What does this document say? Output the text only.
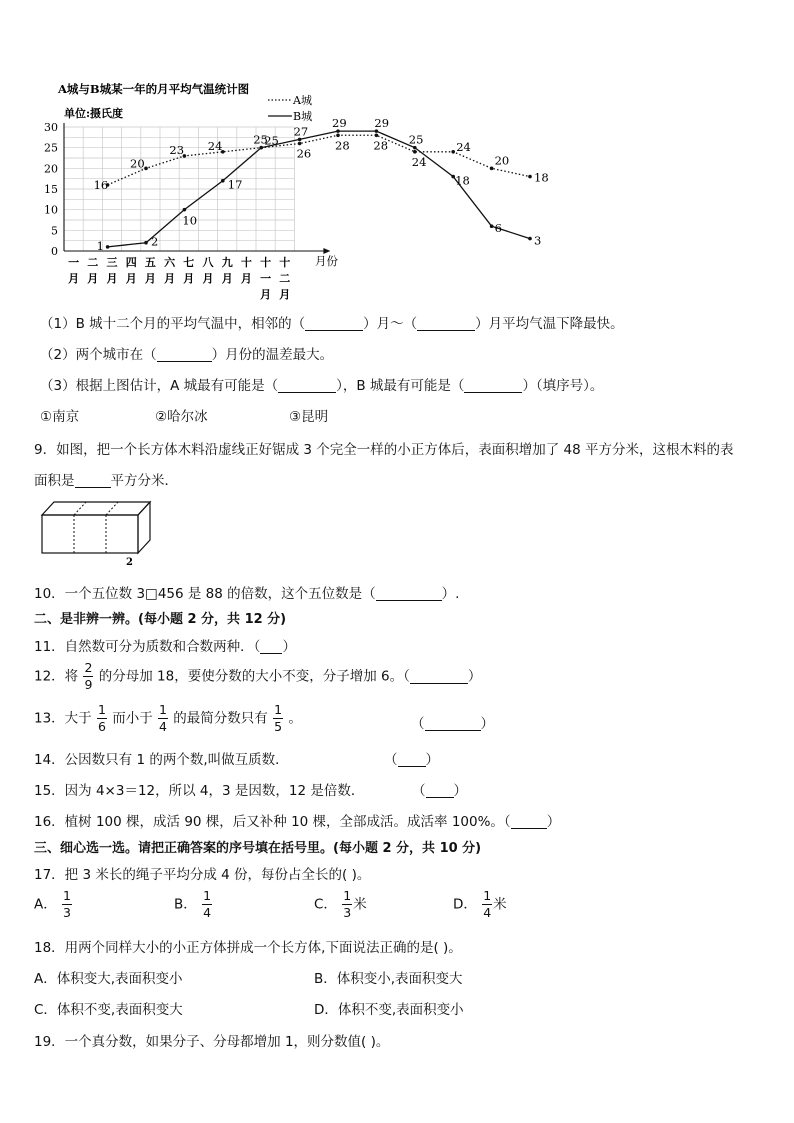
A城与B城某一年的月平均气温统计图
单位:摄氏度
0
5
10
15
20
25
30
一月
二月
三月
四月
五月
六月
七月
八月
九月
十月
十一月
十二月
16
20
23 24	25
26
28 28
24
24
20
18
1	2
10
17
25
27
29 29
25
18
6
3
A城
B城
月份
（1）B 城十二个月的平均气温中，相邻的（	）月～（	）月平均气温下降最快。
（2）两个城市在（	）月份的温差最大。
（3）根据上图估计，A 城最有可能是（	），B 城最有可能是（	）（填序号）。
①南京	②哈尔冰	③昆明
9．如图，把一个长方体木料沿虚线正好锯成 3 个完全一样的小正方体后，表面积增加了 48 平方分米，这根木料的表
面积是	平方分米．
2
10．一个五位数 3□456 是 88 的倍数，这个五位数是（	）.
二、是非辨一辨。(每小题 2 分，共 12 分)
11．自然数可分为质数和合数两种．（ ）
12．将 $\frac{2}{9}$ 的分母加 18，要使分数的大小不变，分子增加 6。（	）
13．大于 $\frac{1}{6}$ 而小于 $\frac{1}{4}$ 的最简分数只有 $\frac{1}{5}$ 。	（	）
14．公因数只有 1 的两个数,叫做互质数．	（ ）
15．因为 4×3＝12，所以 4，3 是因数，12 是倍数．	（ ）
16．植树 100 棵，成活 90 棵，后又补种 10 棵，全部成活。成活率 100%。（	）
三、细心选一选。请把正确答案的序号填在括号里。(每小题 2 分，共 10 分)
17．把 3 米长的绳子平均分成 4 份，每份占全长的( )。
A． $\frac{1}{3}$	B． $\frac{1}{4}$	C． $\frac{1}{3}$ 米	D． $\frac{1}{4}$ 米
18．用两个同样大小的小正方体拼成一个长方体,下面说法正确的是( )。
A．体积变大,表面积变小	B．体积变小,表面积变大
C．体积不变,表面积变大	D．体积不变,表面积变小
19．一个真分数，如果分子、分母都增加 1，则分数值( )。
